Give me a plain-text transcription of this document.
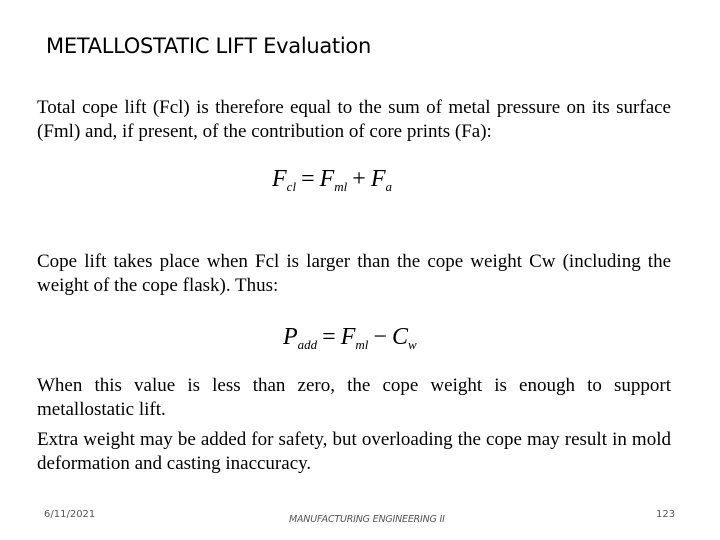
METALLOSTATIC LIFT Evaluation
Total cope lift (Fcl) is therefore equal to the sum of metal pressure on its surface (Fml) and, if present, of the contribution of core prints (Fa):
$F_{cl} = F_{ml} + F_a$
Cope lift takes place when Fcl is larger than the cope weight Cw (including the weight of the cope flask). Thus:
$P_{add} = F_{ml} - C_w$
When this value is less than zero, the cope weight is enough to support metallostatic lift.
Extra weight may be added for safety, but overloading the cope may result in mold deformation and casting inaccuracy.
6/11/2021	MANUFACTURING ENGINEERING II	123
